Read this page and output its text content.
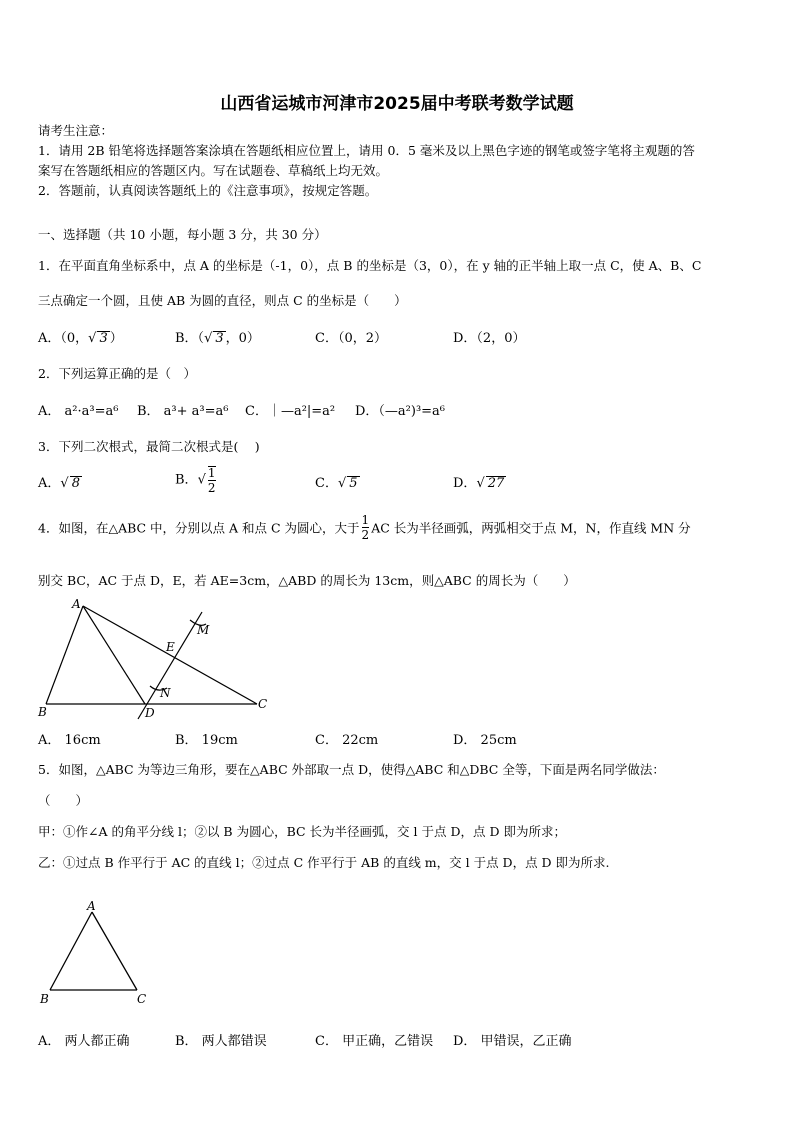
山西省运城市河津市2025届中考联考数学试题
请考生注意：
1．请用 2B 铅笔将选择题答案涂填在答题纸相应位置上，请用 0．5 毫米及以上黑色字迹的钢笔或签字笔将主观题的答
案写在答题纸相应的答题区内。写在试题卷、草稿纸上均无效。
2．答题前，认真阅读答题纸上的《注意事项》，按规定答题。
一、选择题（共 10 小题，每小题 3 分，共 30 分）
1．在平面直角坐标系中，点 A 的坐标是（-1，0），点 B 的坐标是（3，0），在 y 轴的正半轴上取一点 C，使 A、B、C
三点确定一个圆，且使 AB 为圆的直径，则点 C 的坐标是（　　）
A．（0，√ 3 ）	B．（√ 3 ，0）	C．（0，2）	D．（2，0）
2．下列运算正确的是（　）
A． a²·a³=a⁶ B． a³+ a³=a⁶ C．｜—a²|=a² D．（—a²)³=a⁶
3．下列二次根式，最简二次根式是(　 )
A．√ 8	B．√ $\frac{1}{2}$	C．√ 5	D．√ 27
4．如图，在△ABC 中，分别以点 A 和点 C 为圆心，大于 $\frac{1}{2}$ AC 长为半径画弧，两弧相交于点 M，N，作直线 MN 分
别交 BC，AC 于点 D，E，若 AE=3cm，△ABD 的周长为 13cm，则△ABC 的周长为（　　）
A
B
C
D
E
M
N
A． 16cm	B． 19cm	C． 22cm	D． 25cm
5．如图，△ABC 为等边三角形，要在△ABC 外部取一点 D，使得△ABC 和△DBC 全等，下面是两名同学做法：
（　　）
甲：①作∠A 的角平分线 l；②以 B 为圆心，BC 长为半径画弧，交 l 于点 D，点 D 即为所求；
乙：①过点 B 作平行于 AC 的直线 l；②过点 C 作平行于 AB 的直线 m，交 l 于点 D，点 D 即为所求.
A
B	C
A． 两人都正确	B． 两人都错误	C． 甲正确，乙错误 D． 甲错误，乙正确
